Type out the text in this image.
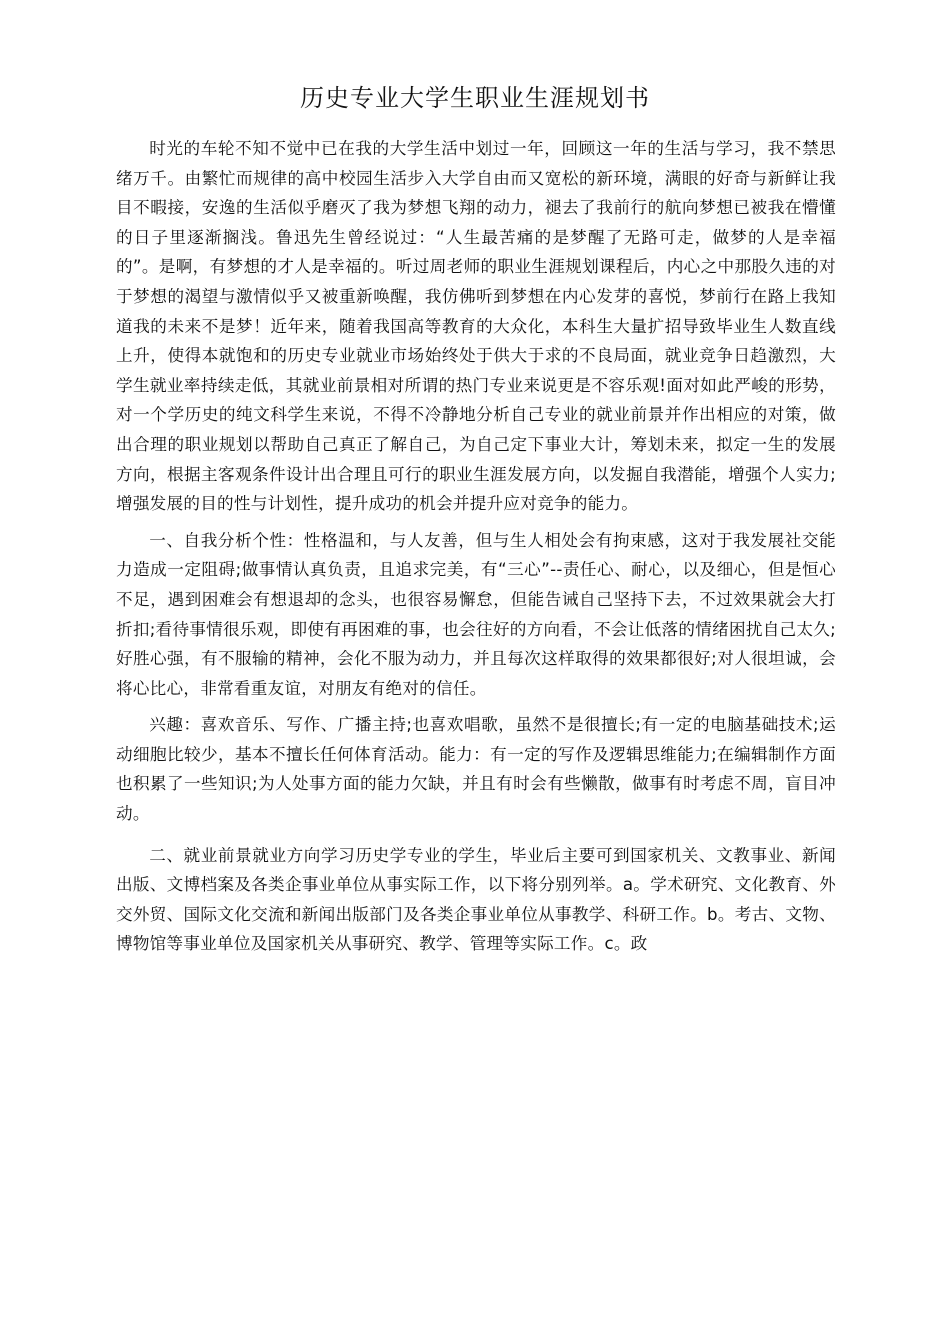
历史专业大学生职业生涯规划书

时光的车轮不知不觉中已在我的大学生活中划过一年，回顾这一年的生活与学习，我不禁思绪万千。由繁忙而规律的高中校园生活步入大学自由而又宽松的新环境，满眼的好奇与新鲜让我目不暇接，安逸的生活似乎磨灭了我为梦想飞翔的动力，褪去了我前行的航向梦想已被我在懵懂的日子里逐渐搁浅。鲁迅先生曾经说过：“人生最苦痛的是梦醒了无路可走，做梦的人是幸福的”。是啊，有梦想的才人是幸福的。听过周老师的职业生涯规划课程后，内心之中那股久违的对于梦想的渴望与激情似乎又被重新唤醒，我仿佛听到梦想在内心发芽的喜悦，梦前行在路上我知道我的未来不是梦！近年来，随着我国高等教育的大众化，本科生大量扩招导致毕业生人数直线上升，使得本就饱和的历史专业就业市场始终处于供大于求的不良局面，就业竞争日趋激烈，大学生就业率持续走低，其就业前景相对所谓的热门专业来说更是不容乐观!面对如此严峻的形势，对一个学历史的纯文科学生来说，不得不冷静地分析自己专业的就业前景并作出相应的对策，做出合理的职业规划以帮助自己真正了解自己，为自己定下事业大计，筹划未来，拟定一生的发展方向，根据主客观条件设计出合理且可行的职业生涯发展方向，以发掘自我潜能，增强个人实力;增强发展的目的性与计划性，提升成功的机会并提升应对竞争的能力。

一、自我分析个性：性格温和，与人友善，但与生人相处会有拘束感，这对于我发展社交能力造成一定阻碍;做事情认真负责，且追求完美，有“三心”--责任心、耐心，以及细心，但是恒心不足，遇到困难会有想退却的念头，也很容易懈怠，但能告诫自己坚持下去，不过效果就会大打折扣;看待事情很乐观，即使有再困难的事，也会往好的方向看，不会让低落的情绪困扰自己太久;好胜心强，有不服输的精神，会化不服为动力，并且每次这样取得的效果都很好;对人很坦诚，会将心比心，非常看重友谊，对朋友有绝对的信任。

兴趣：喜欢音乐、写作、广播主持;也喜欢唱歌，虽然不是很擅长;有一定的电脑基础技术;运动细胞比较少，基本不擅长任何体育活动。能力：有一定的写作及逻辑思维能力;在编辑制作方面也积累了一些知识;为人处事方面的能力欠缺，并且有时会有些懒散，做事有时考虑不周，盲目冲动。

二、就业前景就业方向学习历史学专业的学生，毕业后主要可到国家机关、文教事业、新闻出版、文博档案及各类企事业单位从事实际工作，以下将分别列举。a。学术研究、文化教育、外交外贸、国际文化交流和新闻出版部门及各类企事业单位从事教学、科研工作。b。考古、文物、博物馆等事业单位及国家机关从事研究、教学、管理等实际工作。c。政
